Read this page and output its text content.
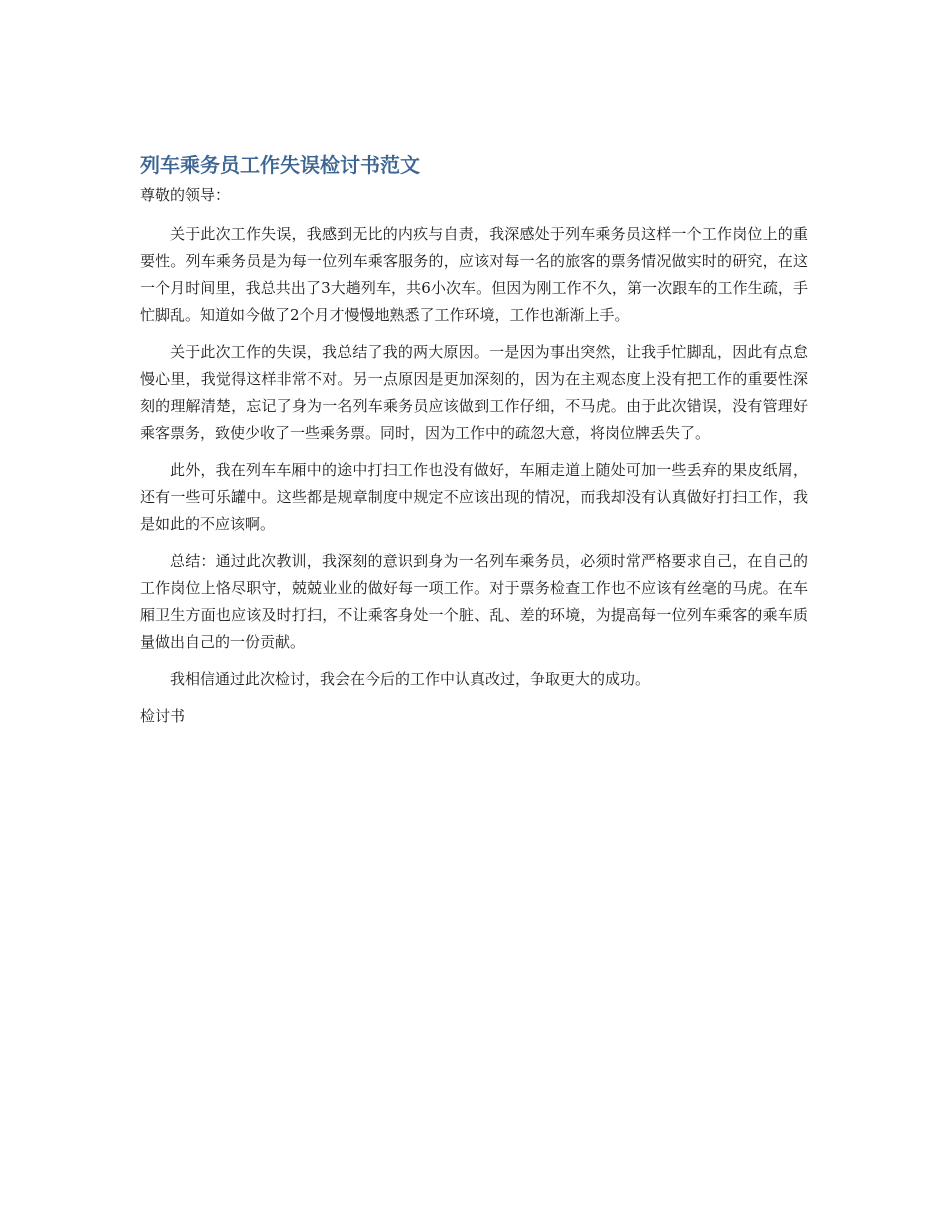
列车乘务员工作失误检讨书范文

尊敬的领导：

关于此次工作失误，我感到无比的内疚与自责，我深感处于列车乘务员这样一个工作岗位上的重要性。列车乘务员是为每一位列车乘客服务的，应该对每一名的旅客的票务情况做实时的研究，在这一个月时间里，我总共出了3大趟列车，共6小次车。但因为刚工作不久，第一次跟车的工作生疏，手忙脚乱。知道如今做了2个月才慢慢地熟悉了工作环境，工作也渐渐上手。

关于此次工作的失误，我总结了我的两大原因。一是因为事出突然，让我手忙脚乱，因此有点怠慢心里，我觉得这样非常不对。另一点原因是更加深刻的，因为在主观态度上没有把工作的重要性深刻的理解清楚，忘记了身为一名列车乘务员应该做到工作仔细，不马虎。由于此次错误，没有管理好乘客票务，致使少收了一些乘务票。同时，因为工作中的疏忽大意，将岗位牌丢失了。

此外，我在列车车厢中的途中打扫工作也没有做好，车厢走道上随处可加一些丢弃的果皮纸屑，还有一些可乐罐中。这些都是规章制度中规定不应该出现的情况，而我却没有认真做好打扫工作，我是如此的不应该啊。

总结：通过此次教训，我深刻的意识到身为一名列车乘务员，必须时常严格要求自己，在自己的工作岗位上恪尽职守，兢兢业业的做好每一项工作。对于票务检查工作也不应该有丝毫的马虎。在车厢卫生方面也应该及时打扫，不让乘客身处一个脏、乱、差的环境，为提高每一位列车乘客的乘车质量做出自己的一份贡献。

我相信通过此次检讨，我会在今后的工作中认真改过，争取更大的成功。

检讨书
